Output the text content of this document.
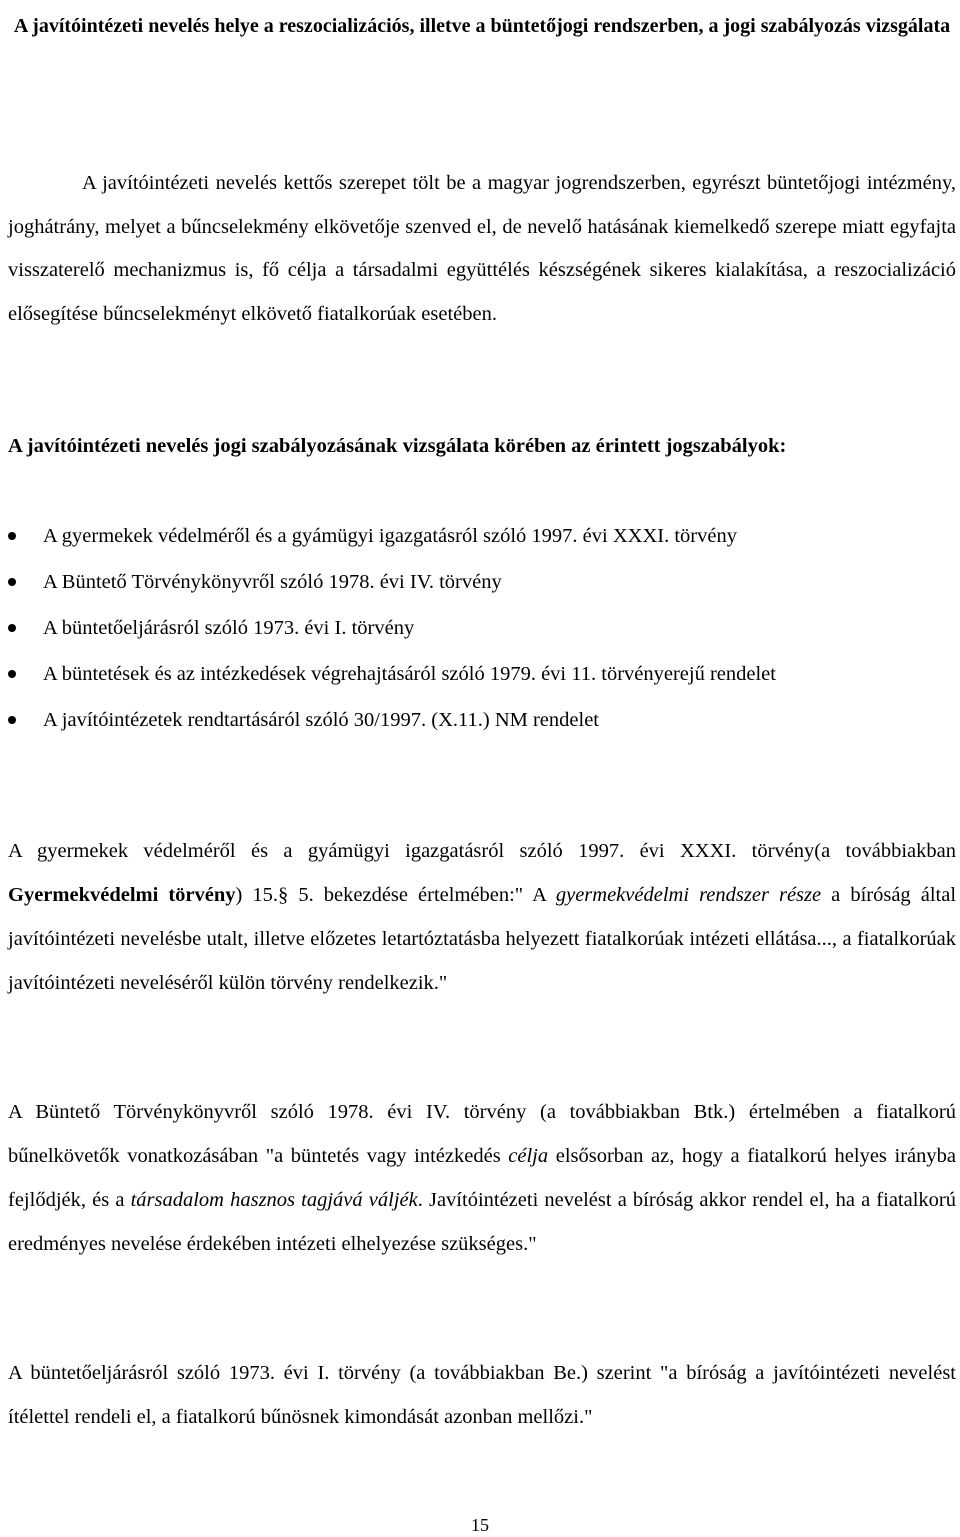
A javítóintézeti nevelés helye a reszocializációs, illetve a büntetőjogi rendszerben, a jogi szabályozás vizsgálata
A javítóintézeti nevelés kettős szerepet tölt be a magyar jogrendszerben, egyrészt büntetőjogi intézmény, joghátrány, melyet a bűncselekmény elkövetője szenved el, de nevelő hatásának kiemelkedő szerepe miatt egyfajta visszaterelő mechanizmus is, fő célja a társadalmi együttélés készségének sikeres kialakítása, a reszocializáció elősegítése bűncselekményt elkövető fiatalkorúak esetében.
A javítóintézeti nevelés jogi szabályozásának vizsgálata körében az érintett jogszabályok:
A gyermekek védelméről és a gyámügyi igazgatásról szóló 1997. évi XXXI. törvény
A Büntető Törvénykönyvről szóló 1978. évi IV. törvény
A büntetőeljárásról szóló 1973. évi I. törvény
A büntetések és az intézkedések végrehajtásáról szóló 1979. évi 11. törvényerejű rendelet
A javítóintézetek rendtartásáról szóló 30/1997. (X.11.) NM rendelet
A gyermekek védelméről és a gyámügyi igazgatásról szóló 1997. évi XXXI. törvény(a továbbiakban Gyermekvédelmi törvény) 15.§ 5. bekezdése értelmében:" A gyermekvédelmi rendszer része a bíróság által javítóintézeti nevelésbe utalt, illetve előzetes letartóztatásba helyezett fiatalkorúak intézeti ellátása..., a fiatalkorúak javítóintézeti neveléséről külön törvény rendelkezik."
A Büntető Törvénykönyvről szóló 1978. évi IV. törvény (a továbbiakban Btk.) értelmében a fiatalkorú bűnelkövetők vonatkozásában "a büntetés vagy intézkedés célja elsősorban az, hogy a fiatalkorú helyes irányba fejlődjék, és a társadalom hasznos tagjává váljék. Javítóintézeti nevelést a bíróság akkor rendel el, ha a fiatalkorú eredményes nevelése érdekében intézeti elhelyezése szükséges."
A büntetőeljárásról szóló 1973. évi I. törvény (a továbbiakban Be.) szerint "a bíróság a javítóintézeti nevelést ítélettel rendeli el, a fiatalkorú bűnösnek kimondását azonban mellőzi."
15
